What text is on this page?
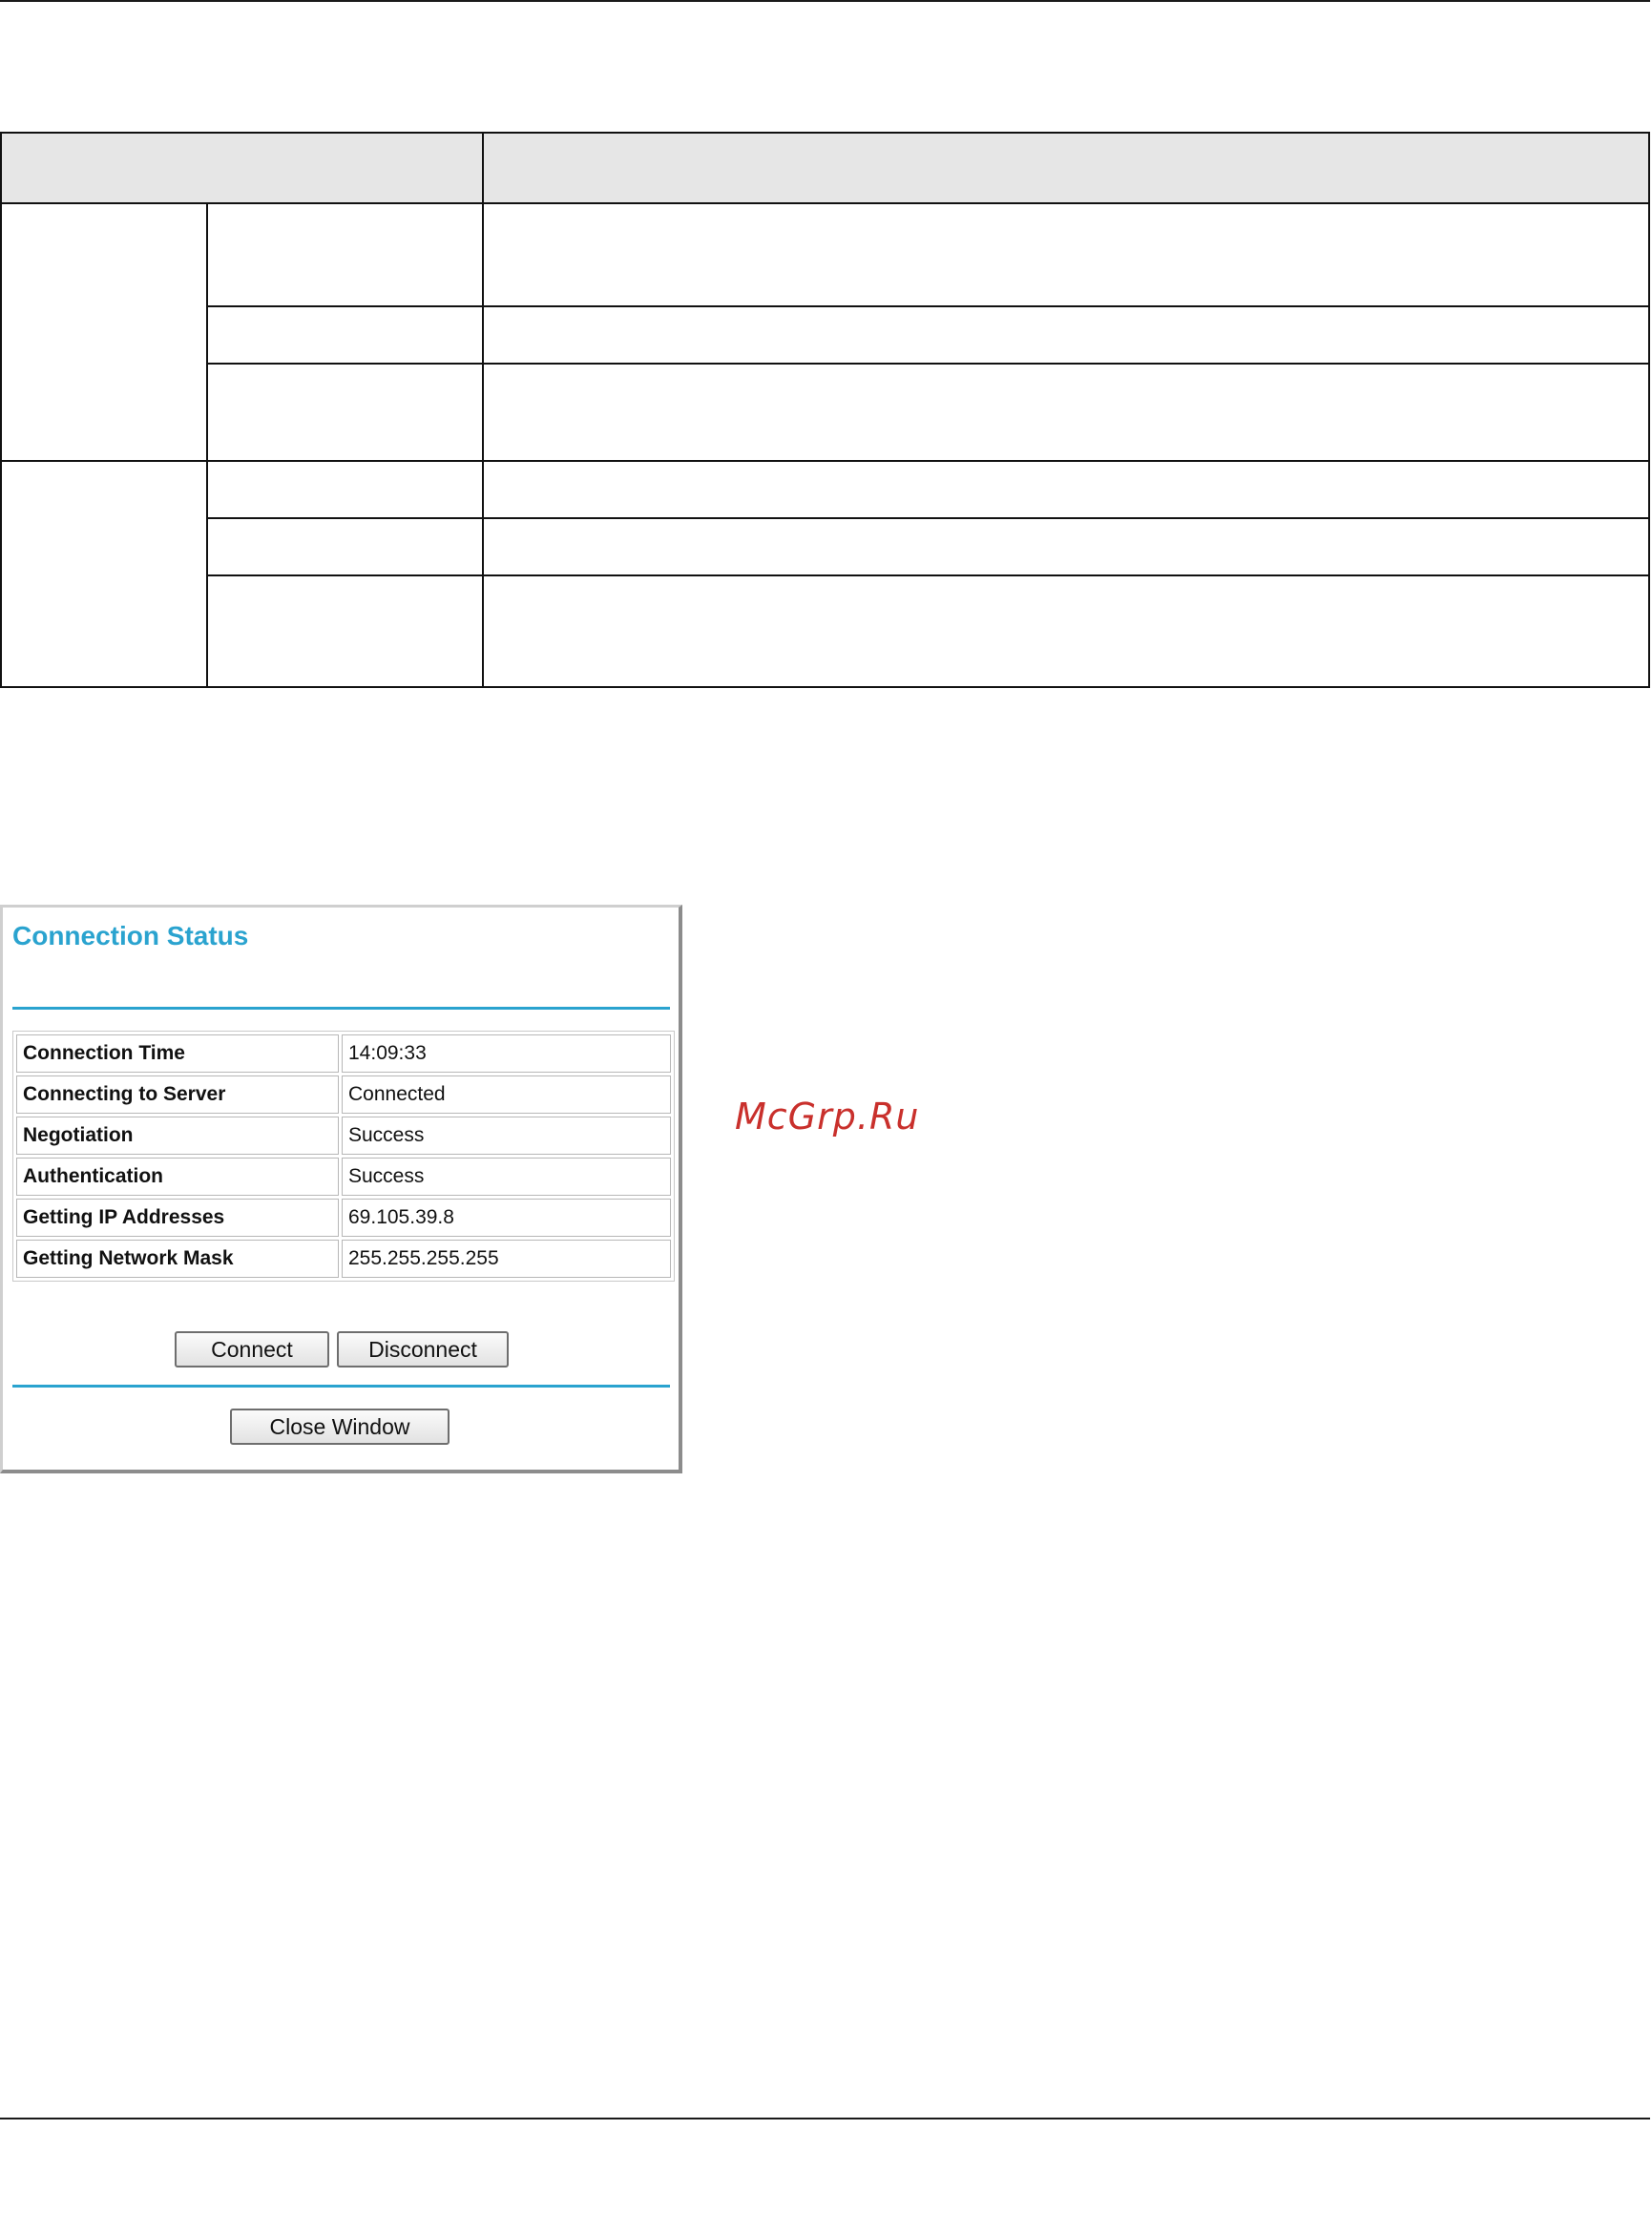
Connection Status
Connection Time	14:09:33
Connecting to Server	Connected
Negotiation	Success
Authentication	Success
Getting IP Addresses	69.105.39.8
Getting Network Mask	255.255.255.255
Connect	Disconnect
Close Window
McGrp.Ru
